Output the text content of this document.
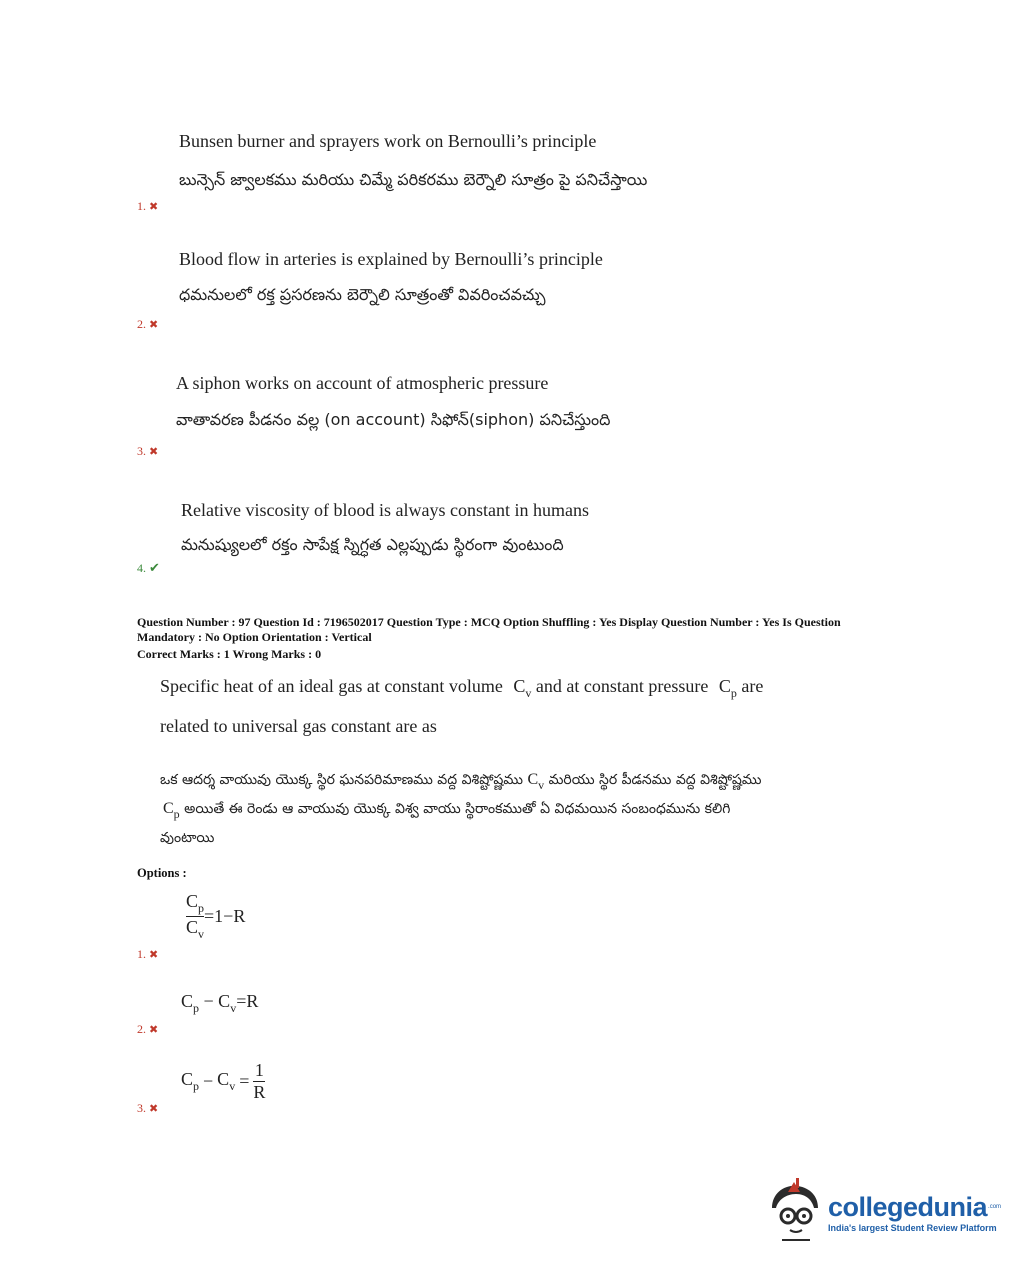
Bunsen burner and sprayers work on Bernoulli’s principle
బున్సెన్ జ్వాలకము మరియు చిమ్మే పరికరము బెర్నౌలి సూత్రం పై పనిచేస్తాయి
1. ✖
Blood flow in arteries is explained by Bernoulli’s principle
ధమనులలో రక్త ప్రసరణను బెర్నౌలి సూత్రంతో వివరించవచ్చు
2. ✖
A siphon works on account of atmospheric pressure
వాతావరణ పీడనం వల్ల (on account) సిఫోన్(siphon) పనిచేస్తుంది
3. ✖
Relative viscosity of blood is always constant in humans
మనుష్యులలో రక్తం సాపేక్ష స్నిగ్ధత ఎల్లప్పుడు స్థిరంగా వుంటుంది
4. ✔
Question Number : 97 Question Id : 7196502017 Question Type : MCQ Option Shuffling : Yes Display Question Number : Yes Is Question
Mandatory : No Option Orientation : Vertical
Correct Marks : 1 Wrong Marks : 0
Specific heat of an ideal gas at constant volume $C_v$ and at constant pressure $C_p$ are
related to universal gas constant are as
ఒక ఆదర్శ వాయువు యొక్క స్థిర ఘనపరిమాణము వద్ద విశిష్టోష్ణము $C_v$ మరియు స్థిర పీడనము వద్ద విశిష్టోష్ణము
$C_p$ అయితే ఈ రెండు ఆ వాయువు యొక్క విశ్వ వాయు స్థిరాంకముతో ఏ విధమయిన సంబంధమును కలిగి
వుంటాయి
Options :
$\frac{C_p}{C_v} =1-R$
1. ✖
$C_p - C_v=R$
2. ✖
$C_p - C_v = \frac{1}{R}$
3. ✖
collegedunia .com
India's largest Student Review Platform
